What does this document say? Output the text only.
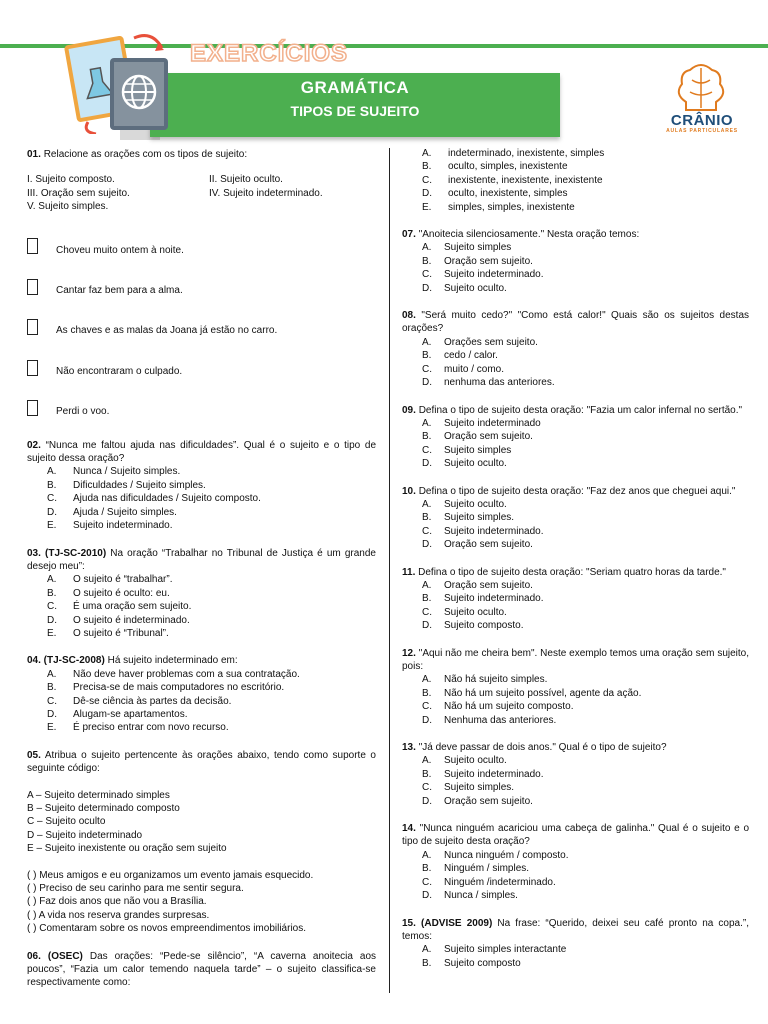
EXERCÍCIOS
GRAMÁTICA
TIPOS DE SUJEITO
CRÂNIO
AULAS PARTICULARES
01. Relacione as orações com os tipos de sujeito:
I. Sujeito composto.	II. Sujeito oculto.
III. Oração sem sujeito.	IV. Sujeito indeterminado.
V. Sujeito simples.
Choveu muito ontem à noite.
Cantar faz bem para a alma.
As chaves e as malas da Joana já estão no carro.
Não encontraram o culpado.
Perdi o voo.
02. “Nunca me faltou ajuda nas dificuldades”. Qual é o sujeito e o tipo de sujeito dessa oração?
A.	Nunca / Sujeito simples.
B.	Dificuldades / Sujeito simples.
C.	Ajuda nas dificuldades / Sujeito composto.
D.	Ajuda / Sujeito simples.
E.	Sujeito indeterminado.
03. (TJ-SC-2010) Na oração “Trabalhar no Tribunal de Justiça é um grande desejo meu”:
A.	O sujeito é “trabalhar”.
B.	O sujeito é oculto: eu.
C.	É uma oração sem sujeito.
D.	O sujeito é indeterminado.
E.	O sujeito é “Tribunal”.
04. (TJ-SC-2008) Há sujeito indeterminado em:
A.	Não deve haver problemas com a sua contratação.
B.	Precisa-se de mais computadores no escritório.
C.	Dê-se ciência às partes da decisão.
D.	Alugam-se apartamentos.
E.	É preciso entrar com novo recurso.
05. Atribua o sujeito pertencente às orações abaixo, tendo como suporte o seguinte código:
A – Sujeito determinado simples
B – Sujeito determinado composto
C – Sujeito oculto
D – Sujeito indeterminado
E – Sujeito inexistente ou oração sem sujeito
( ) Meus amigos e eu organizamos um evento jamais esquecido.
( ) Preciso de seu carinho para me sentir segura.
( ) Faz dois anos que não vou a Brasília.
( ) A vida nos reserva grandes surpresas.
( ) Comentaram sobre os novos empreendimentos imobiliários.
06. (OSEC) Das orações: “Pede-se silêncio”, “A caverna anoitecia aos poucos”, “Fazia um calor temendo naquela tarde” – o sujeito classifica-se respectivamente como:
A.	indeterminado, inexistente, simples
B.	oculto, simples, inexistente
C.	inexistente, inexistente, inexistente
D.	oculto, inexistente, simples
E.	simples, simples, inexistente
07. "Anoitecia silenciosamente." Nesta oração temos:
A.	Sujeito simples
B.	Oração sem sujeito.
C.	Sujeito indeterminado.
D.	Sujeito oculto.
08. "Será muito cedo?" "Como está calor!" Quais são os sujeitos destas orações?
A.	Orações sem sujeito.
B.	cedo / calor.
C.	muito / como.
D.	nenhuma das anteriores.
09. Defina o tipo de sujeito desta oração: "Fazia um calor infernal no sertão."
A.	Sujeito indeterminado
B.	Oração sem sujeito.
C.	Sujeito simples
D.	Sujeito oculto.
10. Defina o tipo de sujeito desta oração: "Faz dez anos que cheguei aqui."
A.	Sujeito oculto.
B.	Sujeito simples.
C.	Sujeito indeterminado.
D.	Oração sem sujeito.
11. Defina o tipo de sujeito desta oração: "Seriam quatro horas da tarde."
A.	Oração sem sujeito.
B.	Sujeito indeterminado.
C.	Sujeito oculto.
D.	Sujeito composto.
12. "Aqui não me cheira bem". Neste exemplo temos uma oração sem sujeito, pois:
A.	Não há sujeito simples.
B.	Não há um sujeito possível, agente da ação.
C.	Não há um sujeito composto.
D.	Nenhuma das anteriores.
13. "Já deve passar de dois anos." Qual é o tipo de sujeito?
A.	Sujeito oculto.
B.	Sujeito indeterminado.
C.	Sujeito simples.
D.	Oração sem sujeito.
14. "Nunca ninguém acariciou uma cabeça de galinha." Qual é o sujeito e o tipo de sujeito desta oração?
A.	Nunca ninguém / composto.
B.	Ninguém / simples.
C.	Ninguém /indeterminado.
D.	Nunca / simples.
15. (ADVISE 2009) Na frase: “Querido, deixei seu café pronto na copa.”, temos:
A.	Sujeito simples interactante
B.	Sujeito composto
